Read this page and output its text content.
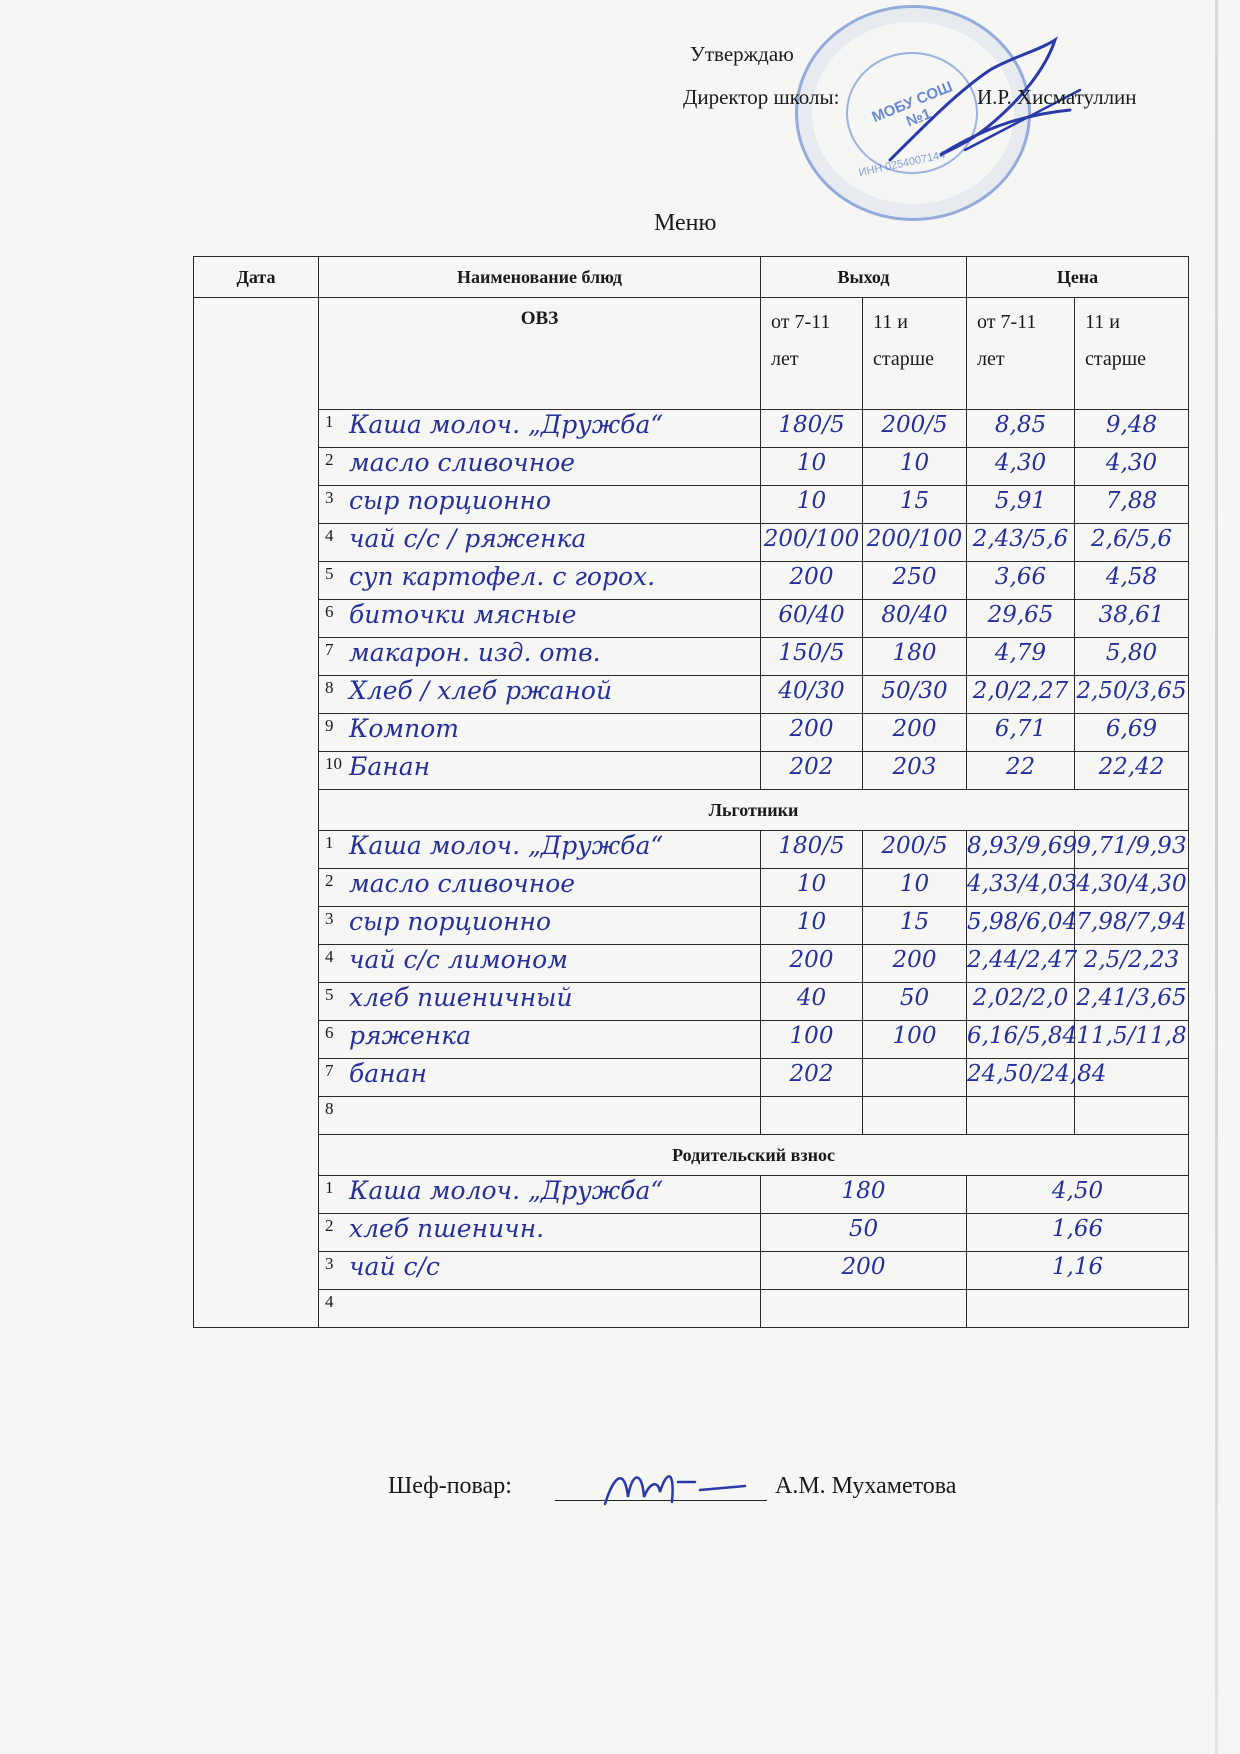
МОБУ СОШ №1
ИНН 0254007144
Утверждаю
Директор школы:	И.Р. Хисматуллин
Меню
Дата	Наименование блюд	Выход		Цена	
	ОВЗ	от 7-11 лет	11 и старше	от 7-11 лет	11 и старше

	1 Каша молоч. „Дружба“	180/5	200/5	8,85	9,48

	2 масло сливочное	10	10	4,30	4,30

	3 сыр порционно	10	15	5,91	7,88

	4 чай с/с / ряженка	200/100	200/100	2,43/5,6	2,6/5,6

	5 суп картофел. с горох.	200	250	3,66	4,58

	6 биточки мясные	60/40	80/40	29,65	38,61

	7 макарон. изд. отв.	150/5	180	4,79	5,80

	8 Хлеб / хлеб ржаной	40/30	50/30	2,0/2,27	2,50/3,65

	9 Компот	200	200	6,71	6,69

	10 Банан	202	203	22	22,42

	Льготники				

	1 Каша молоч. „Дружба“	180/5	200/5	8,93/9,69	9,71/9,93

	2 масло сливочное	10	10	4,33/4,03	4,30/4,30

	3 сыр порционно	10	15	5,98/6,04	7,98/7,94

	4 чай с/с лимоном	200	200	2,44/2,47	2,5/2,23

	5 хлеб пшеничный	40	50	2,02/2,0	2,41/3,65

	6 ряженка	100	100	6,16/5,84	11,5/11,8

	7 банан	202		24,50/24,84	

	8				

	Родительский взнос				

	1 Каша молоч. „Дружба“	180		4,50	

	2 хлеб пшеничн.	50		1,66	

	3 чай с/с	200		1,16	

	4				

Шеф-повар:	А.М. Мухаметова
